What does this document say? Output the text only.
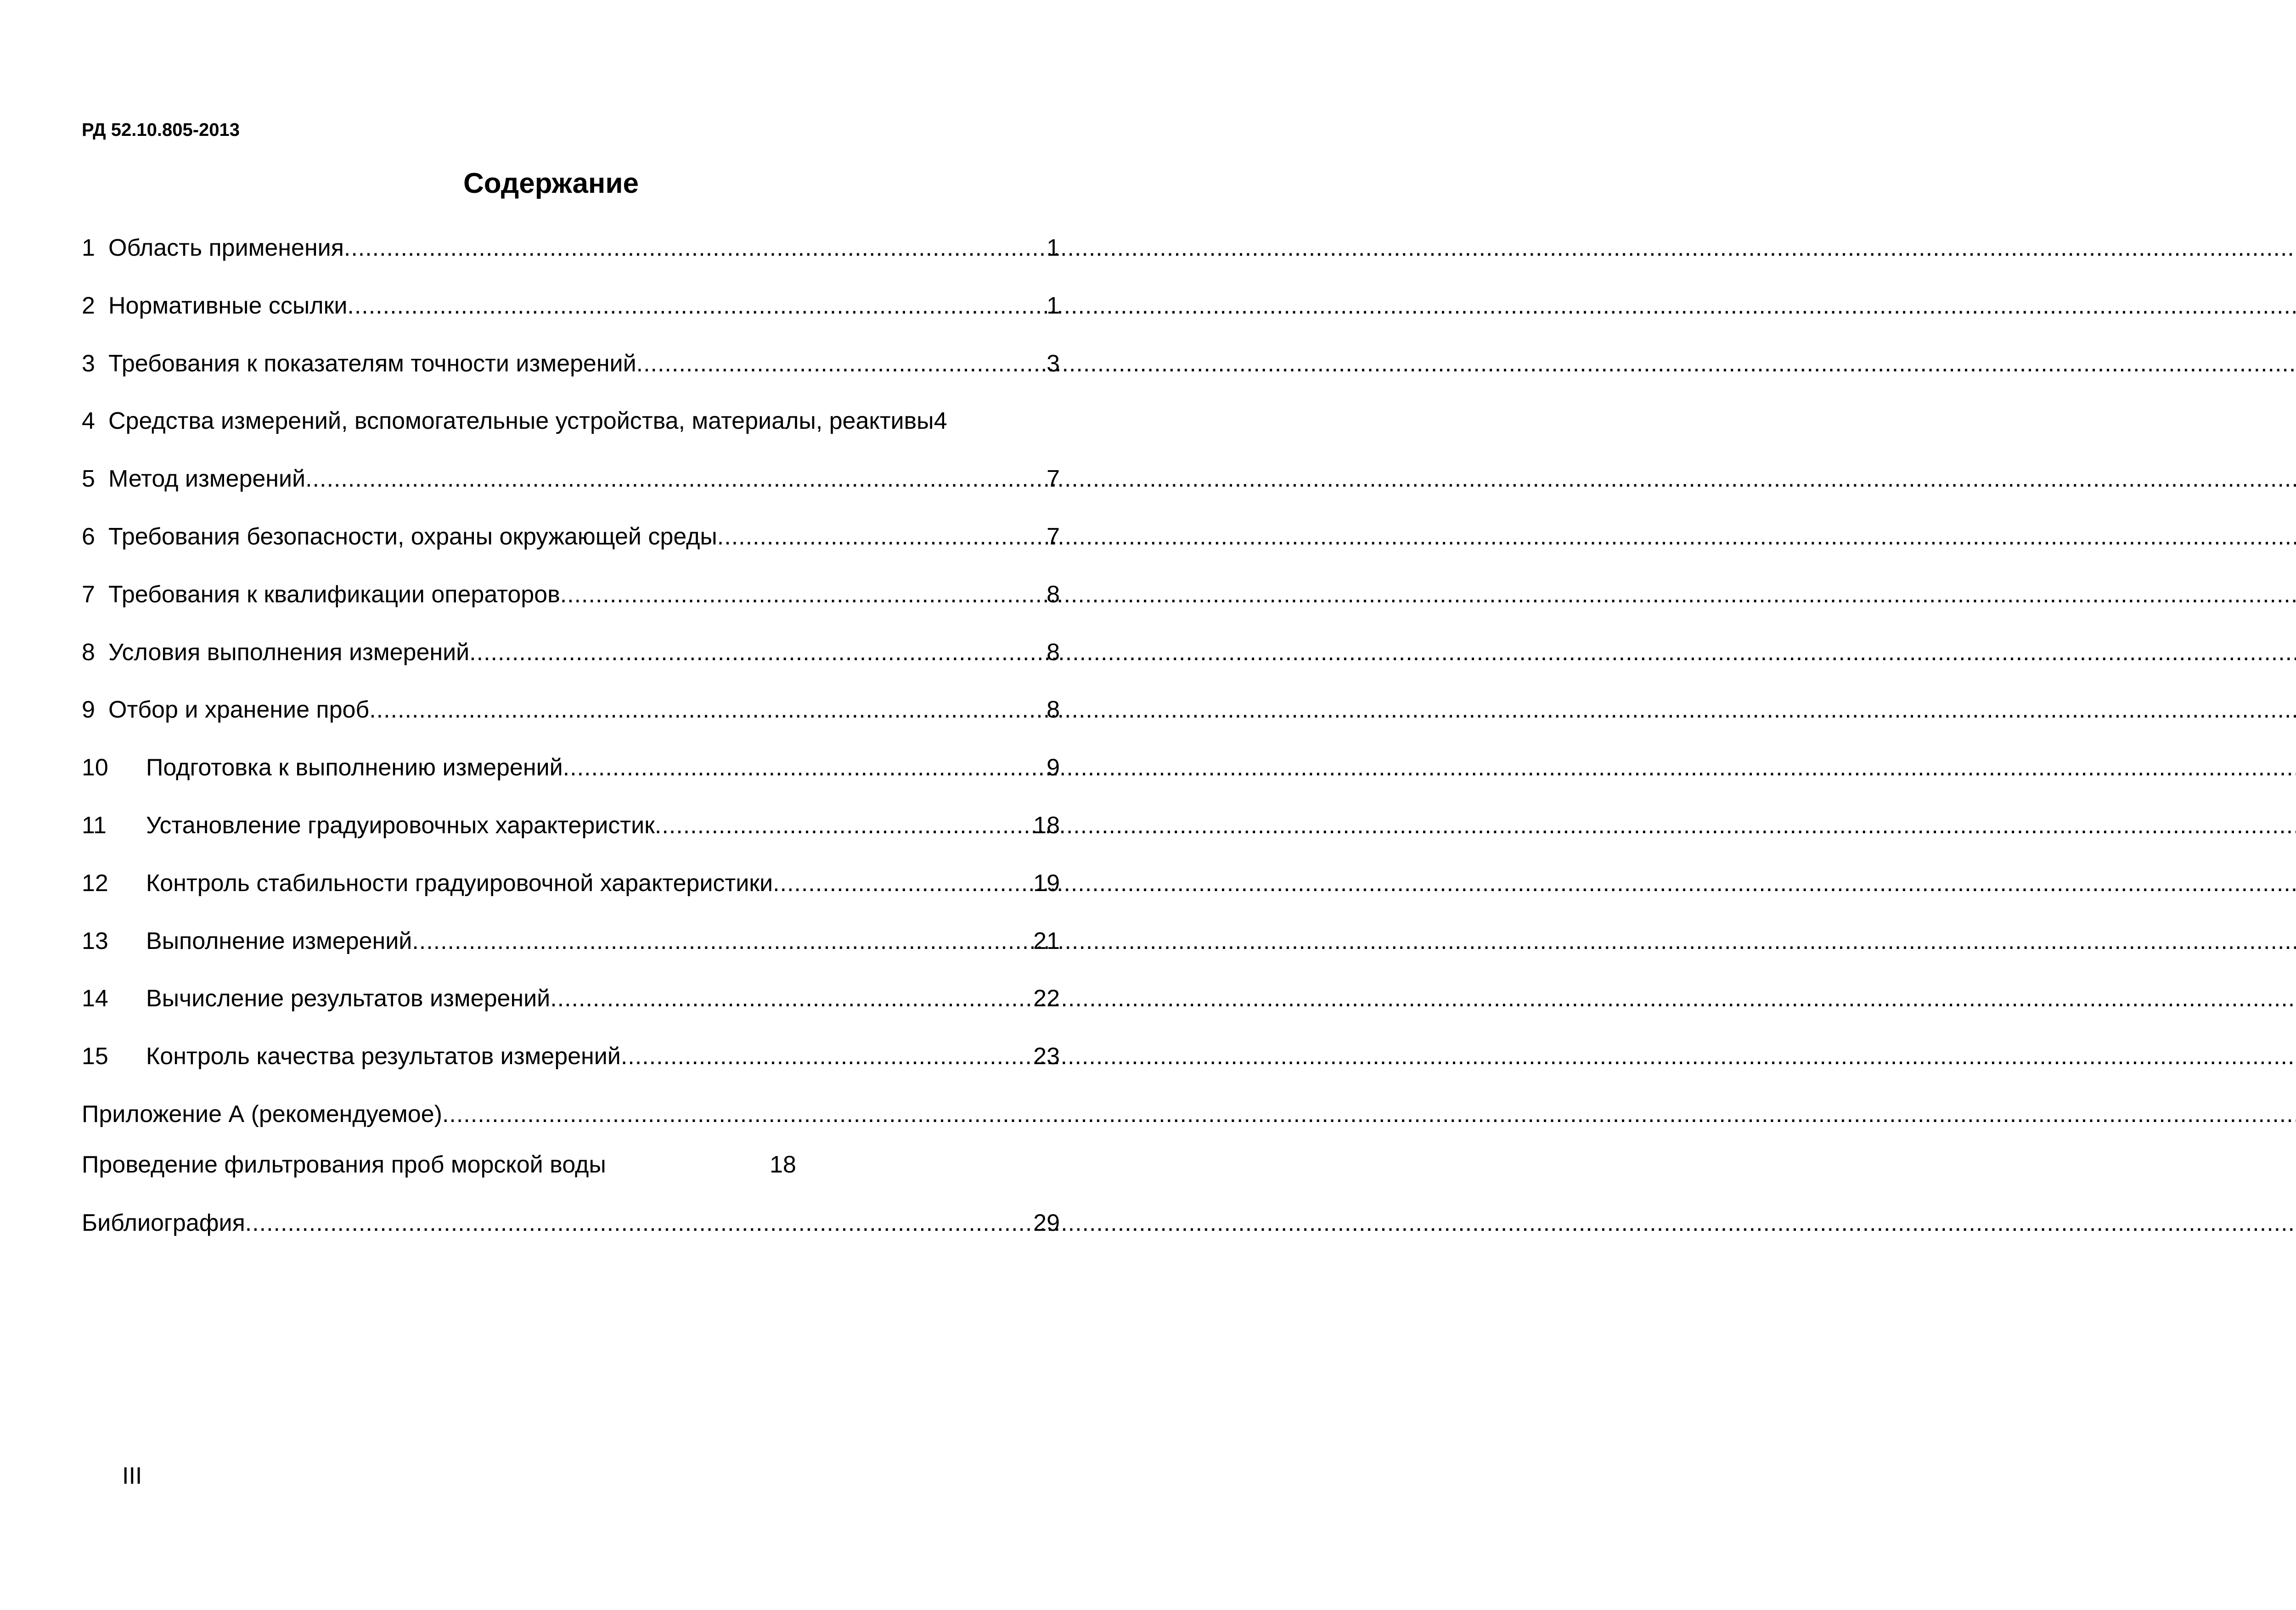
РД 52.10.805-2013
Содержание
1 Область применения .....	1
2 Нормативные ссылки .....	1
3 Требования к показателям точности измерений .....	3
4 Средства измерений, вспомогательные устройства, материалы, реактивы 4
5 Метод измерений .....	7
6 Требования безопасности, охраны окружающей среды .....	7
7 Требования к квалификации операторов .....	8
8 Условия выполнения измерений .....	8
9 Отбор и хранение проб .....	8
10	Подготовка к выполнению измерений .....	9
11	Установление градуировочных характеристик .....	18
12	Контроль стабильности градуировочной характеристики .....	19
13	Выполнение измерений .....	21
14	Вычисление результатов измерений .....	22
15	Контроль качества результатов измерений .....	23
Приложение А (рекомендуемое)
.....
Проведение фильтрования проб морской воды	18
Библиография .....	29
III
